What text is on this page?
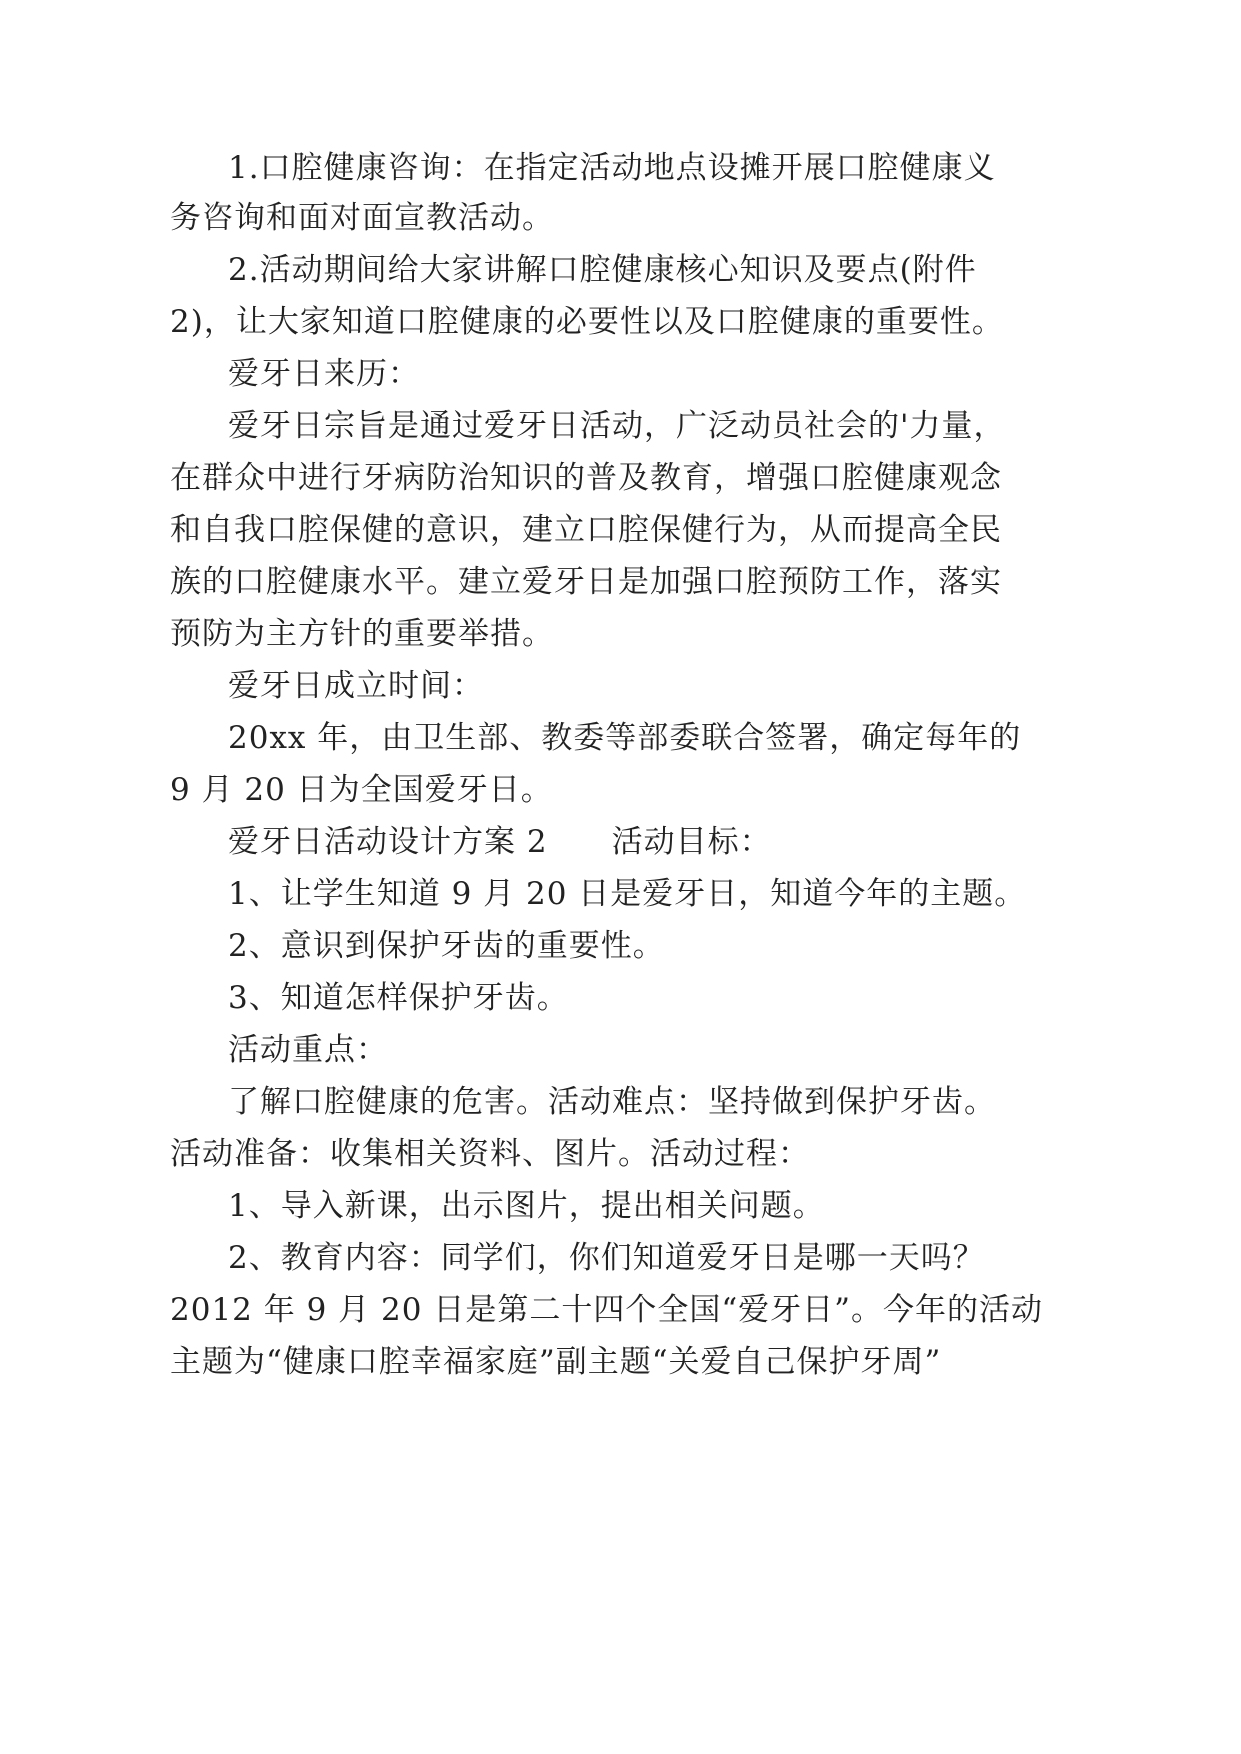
1.口腔健康咨询：在指定活动地点设摊开展口腔健康义
务咨询和面对面宣教活动。
2.活动期间给大家讲解口腔健康核心知识及要点(附件
2)，让大家知道口腔健康的必要性以及口腔健康的重要性。
爱牙日来历：
爱牙日宗旨是通过爱牙日活动，广泛动员社会的'力量，
在群众中进行牙病防治知识的普及教育，增强口腔健康观念
和自我口腔保健的意识，建立口腔保健行为，从而提高全民
族的口腔健康水平。建立爱牙日是加强口腔预防工作，落实
预防为主方针的重要举措。
爱牙日成立时间：
20xx 年，由卫生部、教委等部委联合签署，确定每年的
9 月 20 日为全国爱牙日。
爱牙日活动设计方案 2　　活动目标：
1、让学生知道 9 月 20 日是爱牙日，知道今年的主题。
2、意识到保护牙齿的重要性。
3、知道怎样保护牙齿。
活动重点：
了解口腔健康的危害。活动难点：坚持做到保护牙齿。
活动准备：收集相关资料、图片。活动过程：
1、导入新课，出示图片，提出相关问题。
2、教育内容：同学们，你们知道爱牙日是哪一天吗？
2012 年 9 月 20 日是第二十四个全国“爱牙日”。今年的活动
主题为“健康口腔幸福家庭”副主题“关爱自己保护牙周”
